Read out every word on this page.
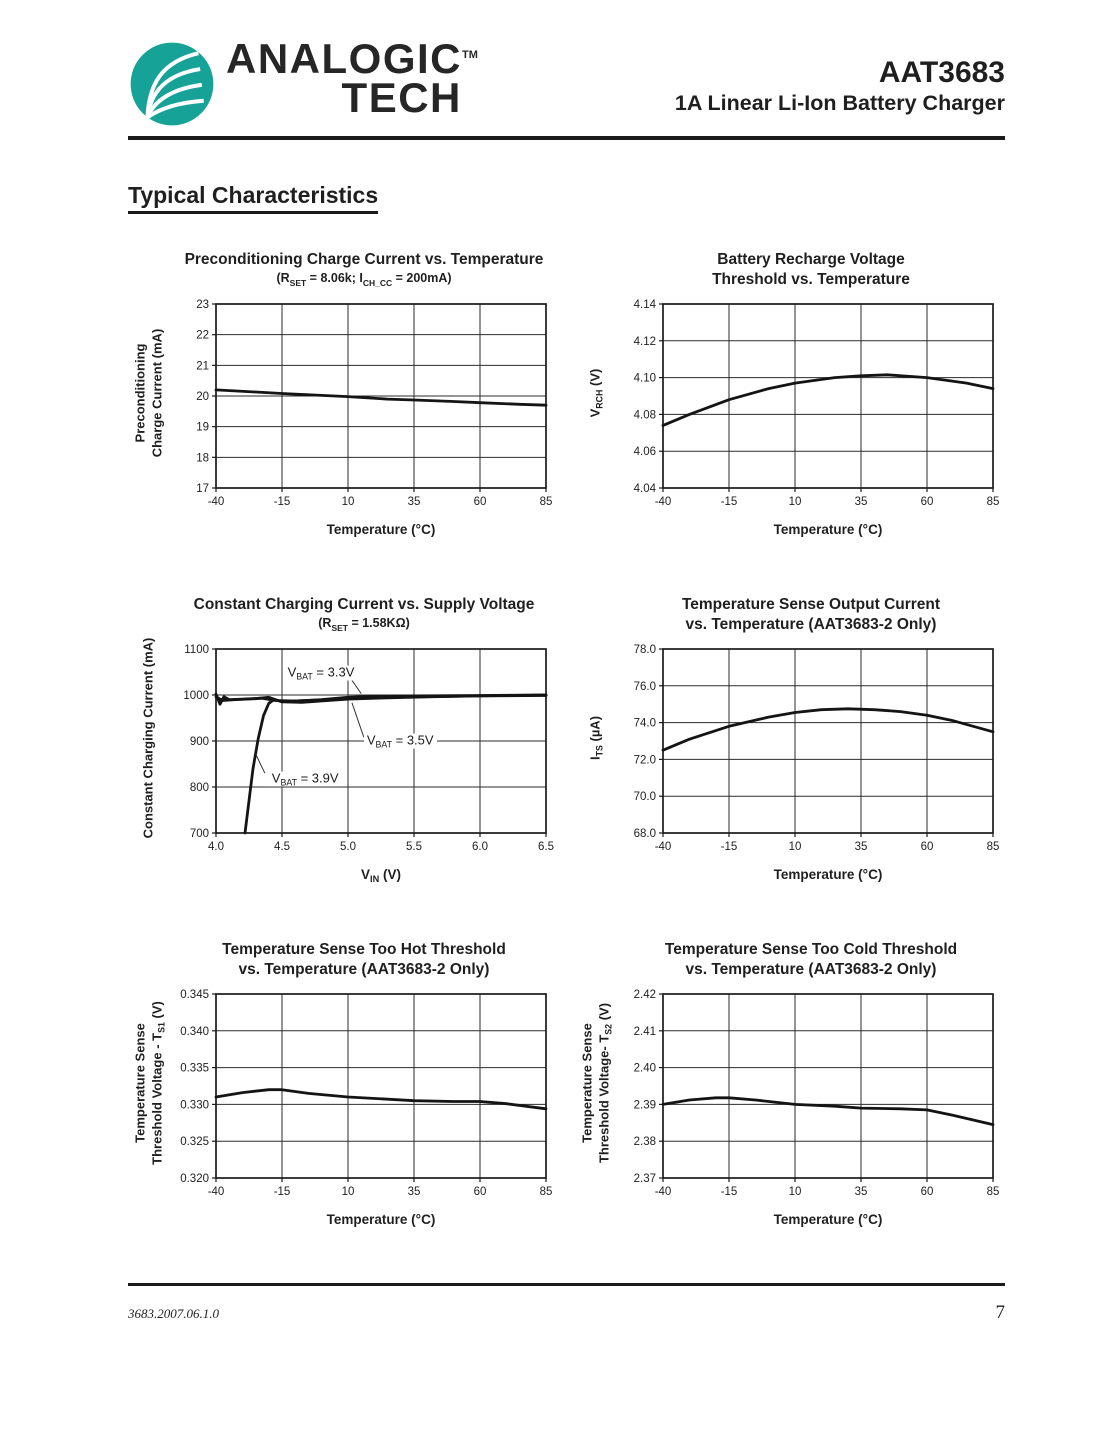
ANALOGIC™
TECH
AAT3683
1A Linear Li-Ion Battery Charger
Typical Characteristics
Preconditioning Charge Current vs. Temperature
($R_{SET} = 8.06k$; $I_{CH\_CC} = 200mA$)
Preconditioning Charge Current (mA)
-40	-15	10	35	60	85
17
18
19
20
21
22
23
Temperature (°C)
Battery Recharge Voltage
Threshold vs. Temperature
$V_{RCH}$ (V)
-40	-15	10	35	60	85
4.04
4.06
4.08
4.10
4.12
4.14
Temperature (°C)
Constant Charging Current vs. Supply Voltage
$(R_{SET} = 1.58K\Omega)$
Constant Charging Current (mA)
4.0	4.5	5.0	5.5	6.0	6.5
700
800
900
1000
1100
$V_{BAT} = 3.3V$
$V_{BAT} = 3.5V$
$V_{BAT} = 3.9V$
$V_{IN}$ (V)
Temperature Sense Output Current
vs. Temperature (AAT3683-2 Only)
$I_{TS}$ (µA)
-40	-15	10	35	60	85
68.0
70.0
72.0
74.0
76.0
78.0
Temperature (°C)
Temperature Sense Too Hot Threshold
vs. Temperature (AAT3683-2 Only)
Temperature Sense Threshold Voltage - $T_{S1}$ (V)
-40	-15	10	35	60	85
0.320
0.325
0.330
0.335
0.340
0.345
Temperature (°C)
Temperature Sense Too Cold Threshold
vs. Temperature (AAT3683-2 Only)
Temperature Sense Threshold Voltage- $T_{S2}$ (V)
-40	-15	10	35	60	85
2.37
2.38
2.39
2.40
2.41
2.42
Temperature (°C)
3683.2007.06.1.0	7
